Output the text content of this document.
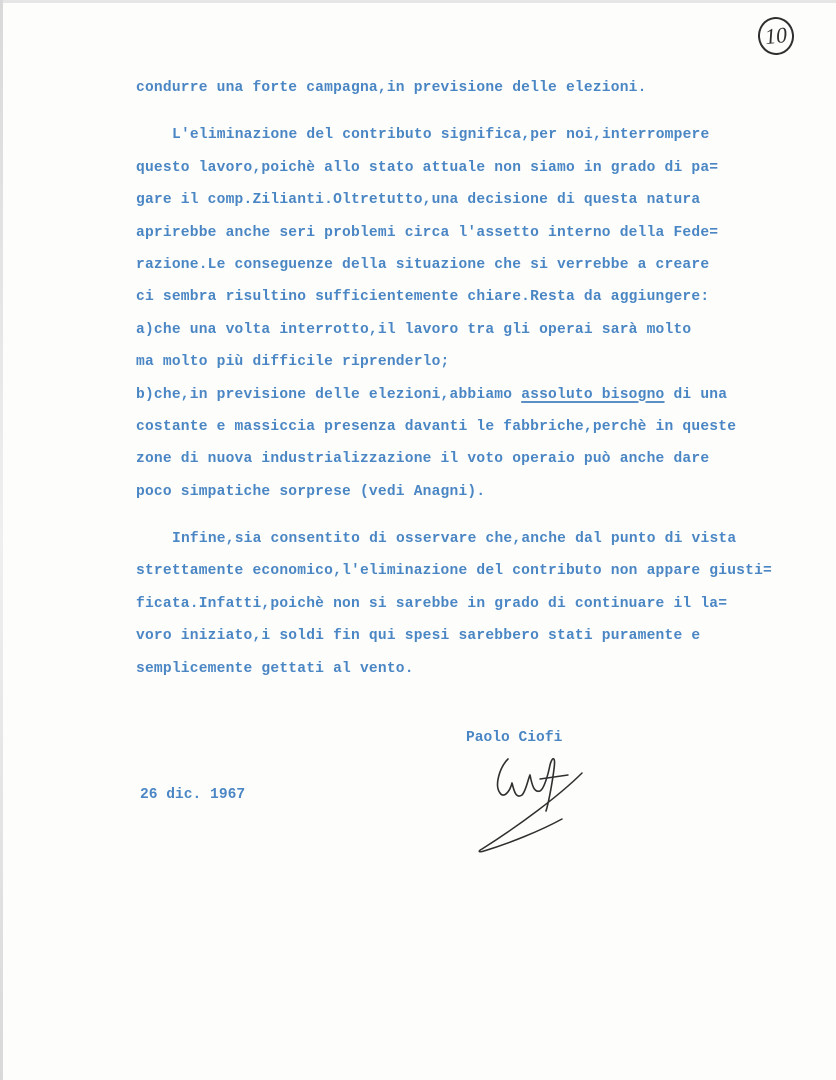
10
condurre una forte campagna,in previsione delle elezioni.
L'eliminazione del contributo significa,per noi,interrompere
questo lavoro,poichè allo stato attuale non siamo in grado di pa=
gare il comp.Zilianti.Oltretutto,una decisione di questa natura
aprirebbe anche seri problemi circa l'assetto interno della Fede=
razione.Le conseguenze della situazione che si verrebbe a creare
ci sembra risultino sufficientemente chiare.Resta da aggiungere:
a)che una volta interrotto,il lavoro tra gli operai sarà molto
ma molto più difficile riprenderlo;
b)che,in previsione delle elezioni,abbiamo assoluto bisogno di una
costante e massiccia presenza davanti le fabbriche,perchè in queste
zone di nuova industrializzazione il voto operaio può anche dare
poco simpatiche sorprese (vedi Anagni).
Infine,sia consentito di osservare che,anche dal punto di vista
strettamente economico,l'eliminazione del contributo non appare giusti=
ficata.Infatti,poichè non si sarebbe in grado di continuare il la=
voro iniziato,i soldi fin qui spesi sarebbero stati puramente e
semplicemente gettati al vento.
Paolo Ciofi
26 dic. 1967
